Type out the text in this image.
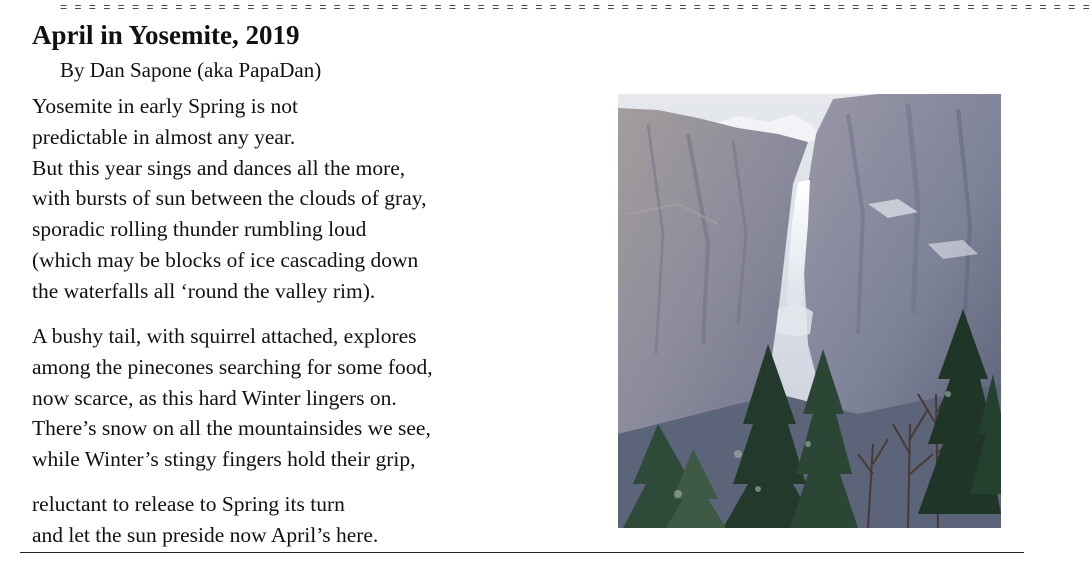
= = = = = = = = = = = = = = = = = = = = = = = = = = = = = = = = = = = = = = = = = = = = = = = = = = = = = = = = = = = = = = = = = = = = = = = =
April in Yosemite, 2019

By Dan Sapone (aka PapaDan)

Yosemite in early Spring is not
predictable in almost any year.
But this year sings and dances all the more,
with bursts of sun between the clouds of gray,
sporadic rolling thunder rumbling loud
(which may be blocks of ice cascading down
the waterfalls all ‘round the valley rim).
A bushy tail, with squirrel attached, explores
among the pinecones searching for some food,
now scarce, as this hard Winter lingers on.
There’s snow on all the mountainsides we see,
while Winter’s stingy fingers hold their grip,
reluctant to release to Spring its turn
and let the sun preside now April’s here.
